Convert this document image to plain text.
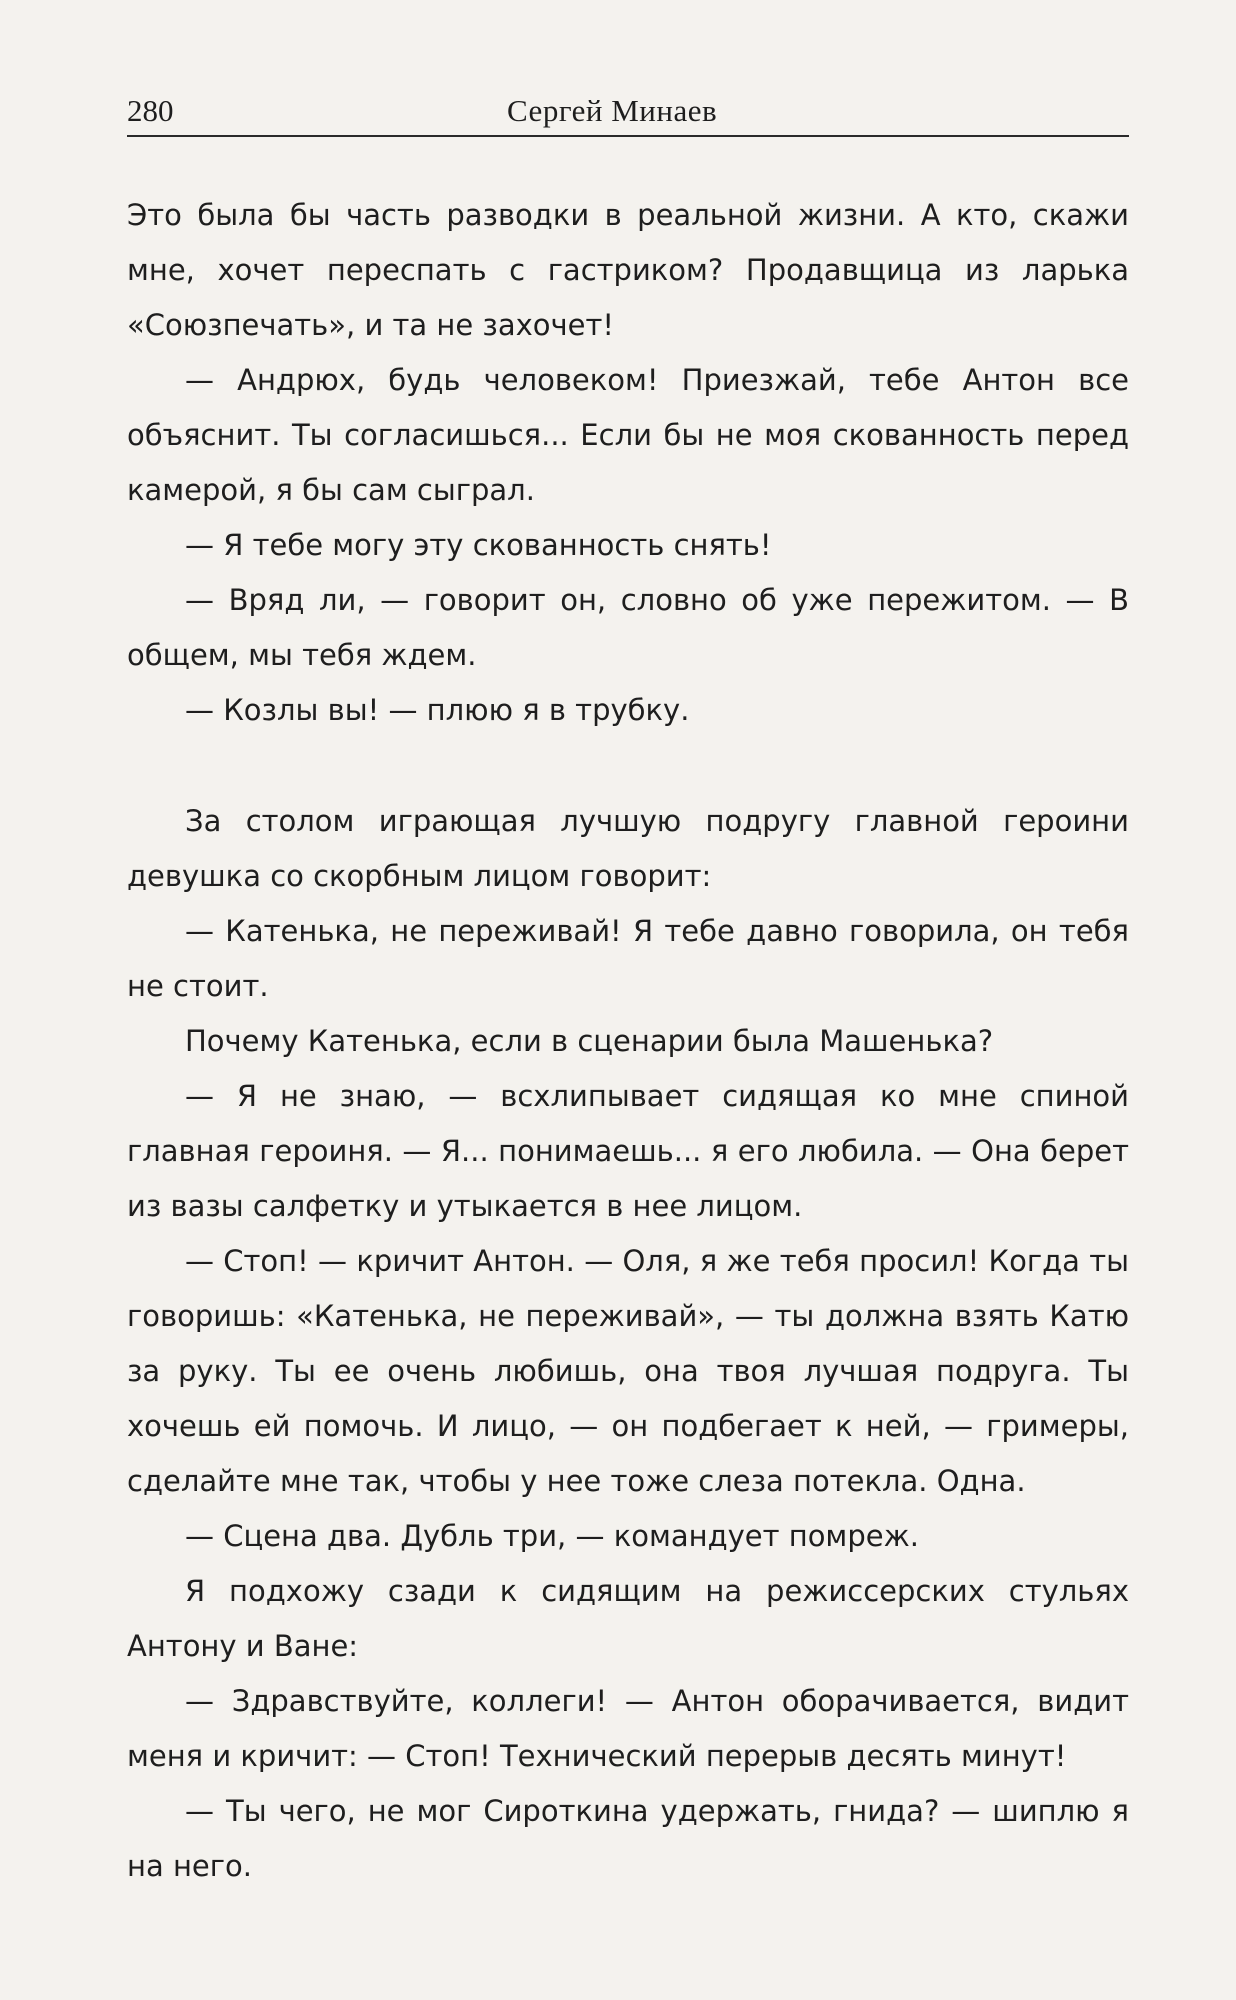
280	Сергей Минаев

Это была бы часть разводки в реальной жизни. А кто, скажи мне, хочет переспать с гастриком? Продавщица из ларька «Союзпечать», и та не захочет!

— Андрюх, будь человеком! Приезжай, тебе Антон все объяснит. Ты согласишься... Если бы не моя скованность перед камерой, я бы сам сыграл.

— Я тебе могу эту скованность снять!

— Вряд ли, — говорит он, словно об уже пережитом. — В общем, мы тебя ждем.

— Козлы вы! — плюю я в трубку.

За столом играющая лучшую подругу главной героини девушка со скорбным лицом говорит:

— Катенька, не переживай! Я тебе давно говорила, он тебя не стоит.

Почему Катенька, если в сценарии была Машенька?

— Я не знаю, — всхлипывает сидящая ко мне спиной главная героиня. — Я... понимаешь... я его любила. — Она берет из вазы салфетку и утыкается в нее лицом.

— Стоп! — кричит Антон. — Оля, я же тебя просил! Когда ты говоришь: «Катенька, не переживай», — ты должна взять Катю за руку. Ты ее очень любишь, она твоя лучшая подруга. Ты хочешь ей помочь. И лицо, — он подбегает к ней, — гримеры, сделайте мне так, чтобы у нее тоже слеза потекла. Одна.

— Сцена два. Дубль три, — командует помреж.

Я подхожу сзади к сидящим на режиссерских стульях Антону и Ване:

— Здравствуйте, коллеги! — Антон оборачивается, видит меня и кричит: — Стоп! Технический перерыв десять минут!

— Ты чего, не мог Сироткина удержать, гнида? — шиплю я на него.
